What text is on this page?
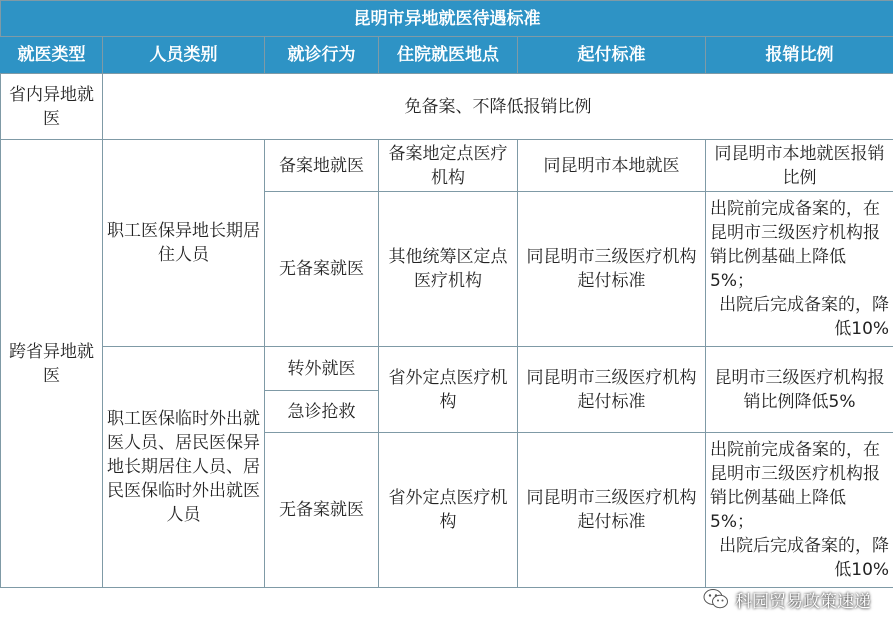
昆明市异地就医待遇标准					
就医类型	人员类别	就诊行为	住院就医地点	起付标准	报销比例
省内异地就医	免备案、不降低报销比例				
跨省异地就医	职工医保异地长期居住人员	备案地就医	备案地定点医疗机构	同昆明市本地就医	同昆明市本地就医报销比例
		无备案就医	其他统筹区定点医疗机构	同昆明市三级医疗机构起付标准	出院前完成备案的，在昆明市三级医疗机构报销比例基础上降低5%；
出院后完成备案的，降低10%

	职工医保临时外出就医人员、居民医保异地长期居住人员、居民医保临时外出就医人员	转外就医	省外定点医疗机构	同昆明市三级医疗机构起付标准	昆明市三级医疗机构报销比例降低5%
		急诊抢救			
		无备案就医	省外定点医疗机构	同昆明市三级医疗机构起付标准	出院前完成备案的，在昆明市三级医疗机构报销比例基础上降低5%；
出院后完成备案的，降低10%
科园贸易政策速递
